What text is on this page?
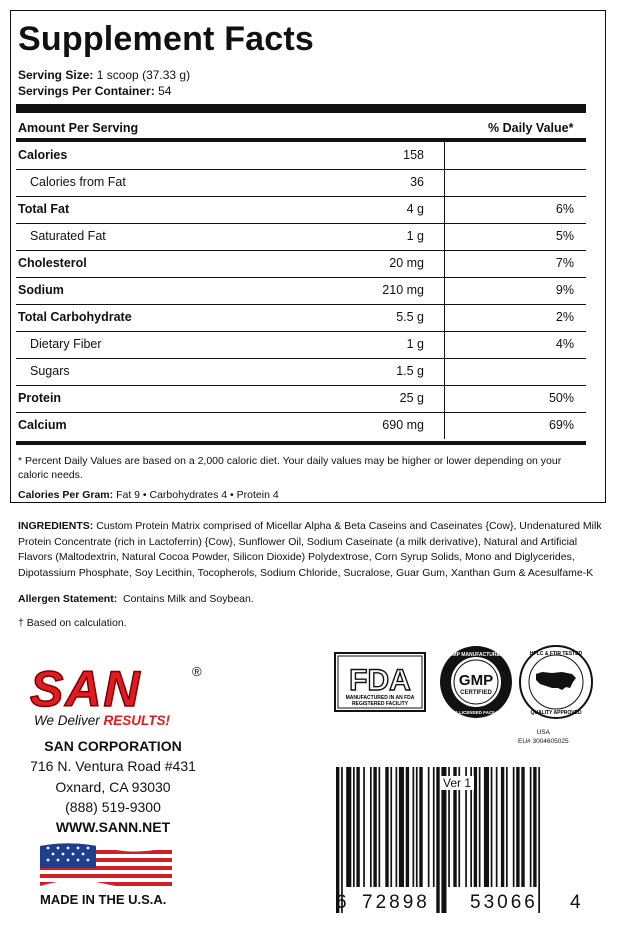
Supplement Facts
Serving Size: 1 scoop (37.33 g)
Servings Per Container: 54
Amount Per Serving	% Daily Value*
Calories	158
Calories from Fat	36
Total Fat	4 g	6%
Saturated Fat	1 g	5%
Cholesterol	20 mg	7%
Sodium	210 mg	9%
Total Carbohydrate	5.5 g	2%
Dietary Fiber	1 g	4%
Sugars	1.5 g
Protein	25 g	50%
Calcium	690 mg	69%
* Percent Daily Values are based on a 2,000 caloric diet. Your daily values may be higher or lower depending on your caloric needs.
Calories Per Gram: Fat 9 • Carbohydrates 4 • Protein 4
INGREDIENTS: Custom Protein Matrix comprised of Micellar Alpha & Beta Caseins and Caseinates {Cow}, Undenatured Milk Protein Concentrate (rich in Lactoferrin) {Cow}, Sunflower Oil, Sodium Caseinate (a milk derivative), Natural and Artificial Flavors (Maltodextrin, Natural Cocoa Powder, Silicon Dioxide) Polydextrose, Corn Syrup Solids, Mono and Diglycerides, Dipotassium Phosphate, Soy Lecithin, Tocopherols, Sodium Chloride, Sucralose, Guar Gum, Xanthan Gum & Acesulfame-K
Allergen Statement: Contains Milk and Soybean.
† Based on calculation.
SAN	®
We Deliver RESULTS!
SAN CORPORATION
716 N. Ventura Road #431
Oxnard, CA 93030
(888) 519-9300
WWW.SANN.NET
MADE IN THE U.S.A.
FDA
MANUFACTURED IN AN FDA
REGISTERED FACILITY
GMP MANUFACTURED
GMP
CERTIFIED
FDA LICENSED FACILITY
HPLC & FTIR TESTED
QUALITY APPROVED
USA
EU# 3004605025
Ver 1
6 72898 53066 4
